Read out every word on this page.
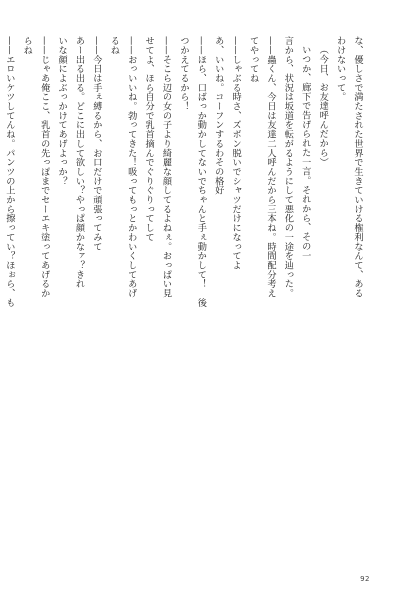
な、優しさで満たされた世界で生きていける権利なんて、ある
わけないって。
（今日、お友達呼んだから）
いつか、廊下で告げられた一言。それから、その一
言から、状況は坂道を転がるようにして悪化の一途を辿った。
——蟲くん、今日は友達二人呼んだから三本ね。時間配分考え
てやってね
——しゃぶる時さ、ズボン脱いでシャツだけになってよ
あ、いいね。コーフンするわその格好
——ほら、口ばっか動かしてないでちゃんと手ぇ動かして！　後
つかえてるから！
——そこら辺の女の子より綺麗な顔してるよねぇ。おっぱい見
せてよ、ほら自分で乳首摘んでぐりぐりってして
——おっいいね。勃ってきた！吸ってもっとかわいくしてあげ
るね
——今日は手ぇ縛るから、お口だけで頑張ってみて
あー出る出る。どこに出して欲しい？やっぱ顔かなァ？きれ
いな顔によぶっかけてあげよっか？
——じゃあ俺ここ、乳首の先っぽまでセーエキ塗ってあげるか
らね
——エロいケツしてんね。パンツの上から擦ってい？ほぉら、も
92
